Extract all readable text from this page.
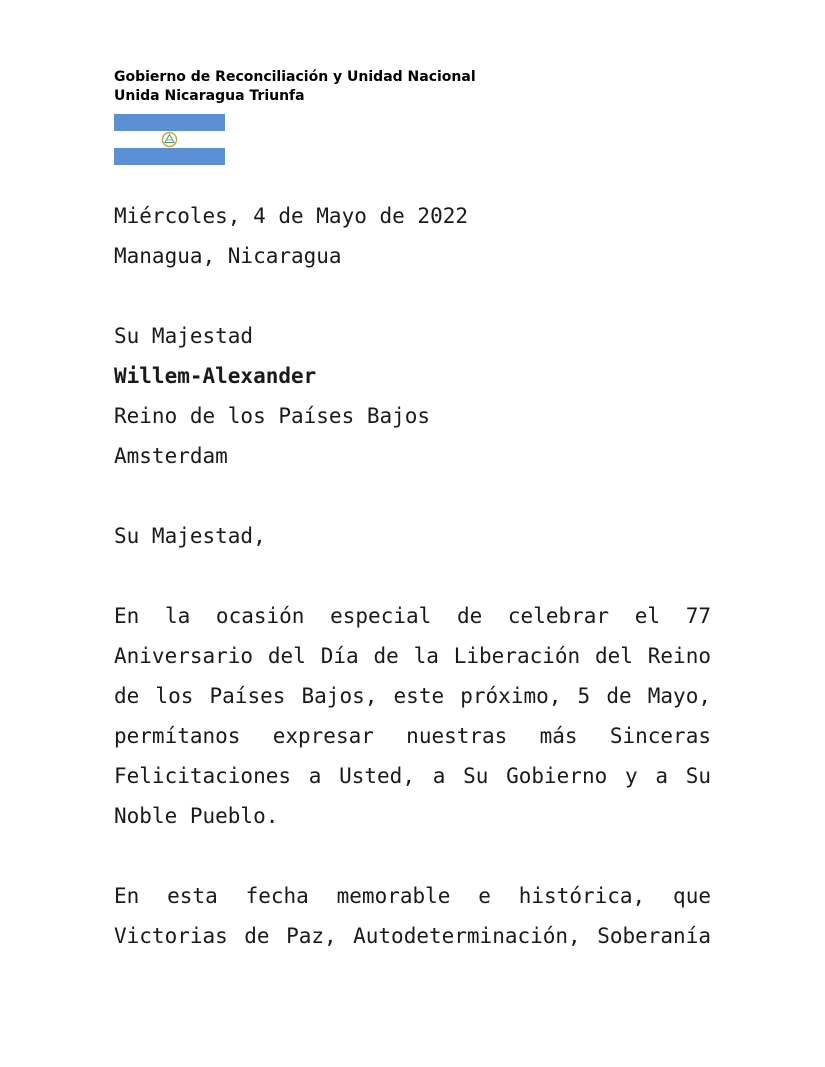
Gobierno de Reconciliación y Unidad Nacional
Unida Nicaragua Triunfa
Miércoles, 4 de Mayo de 2022
Managua, Nicaragua
Su Majestad
Willem-Alexander
Reino de los Países Bajos
Amsterdam
Su Majestad,
En la ocasión especial de celebrar el 77
Aniversario del Día de la Liberación del Reino
de los Países Bajos, este próximo, 5 de Mayo,
permítanos expresar nuestras más Sinceras
Felicitaciones a Usted, a Su Gobierno y a Su
Noble Pueblo.
En esta fecha memorable e histórica, que
Victorias de Paz, Autodeterminación, Soberanía
